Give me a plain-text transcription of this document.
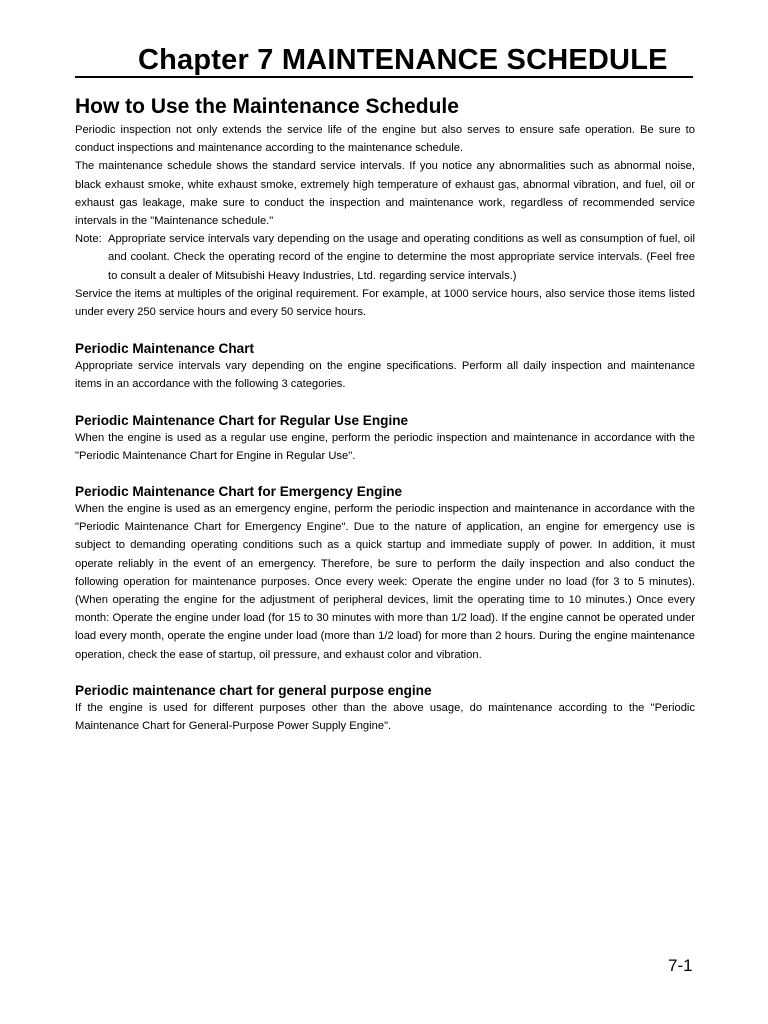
Chapter 7 MAINTENANCE SCHEDULE
How to Use the Maintenance Schedule

Periodic inspection not only extends the service life of the engine but also serves to ensure safe operation. Be sure to conduct inspections and maintenance according to the maintenance schedule.

The maintenance schedule shows the standard service intervals. If you notice any abnormalities such as abnormal noise, black exhaust smoke, white exhaust smoke, extremely high temperature of exhaust gas, abnormal vibration, and fuel, oil or exhaust gas leakage, make sure to conduct the inspection and maintenance work, regardless of recommended service intervals in the "Maintenance schedule."

Note: Appropriate service intervals vary depending on the usage and operating conditions as well as consumption of fuel, oil and coolant. Check the operating record of the engine to determine the most appropriate service intervals. (Feel free to consult a dealer of Mitsubishi Heavy Industries, Ltd. regarding service intervals.)

Service the items at multiples of the original requirement. For example, at 1000 service hours, also service those items listed under every 250 service hours and every 50 service hours.

Periodic Maintenance Chart

Appropriate service intervals vary depending on the engine specifications. Perform all daily inspection and maintenance items in an accordance with the following 3 categories.

Periodic Maintenance Chart for Regular Use Engine

When the engine is used as a regular use engine, perform the periodic inspection and maintenance in accordance with the "Periodic Maintenance Chart for Engine in Regular Use".

Periodic Maintenance Chart for Emergency Engine

When the engine is used as an emergency engine, perform the periodic inspection and maintenance in accordance with the "Periodic Maintenance Chart for Emergency Engine". Due to the nature of application, an engine for emergency use is subject to demanding operating conditions such as a quick startup and immediate supply of power. In addition, it must operate reliably in the event of an emergency. Therefore, be sure to perform the daily inspection and also conduct the following operation for maintenance purposes. Once every week: Operate the engine under no load (for 3 to 5 minutes). (When operating the engine for the adjustment of peripheral devices, limit the operating time to 10 minutes.) Once every month: Operate the engine under load (for 15 to 30 minutes with more than 1/2 load). If the engine cannot be operated under load every month, operate the engine under load (more than 1/2 load) for more than 2 hours. During the engine maintenance operation, check the ease of startup, oil pressure, and exhaust color and vibration.

Periodic maintenance chart for general purpose engine

If the engine is used for different purposes other than the above usage, do maintenance according to the "Periodic Maintenance Chart for General-Purpose Power Supply Engine".

7-1
